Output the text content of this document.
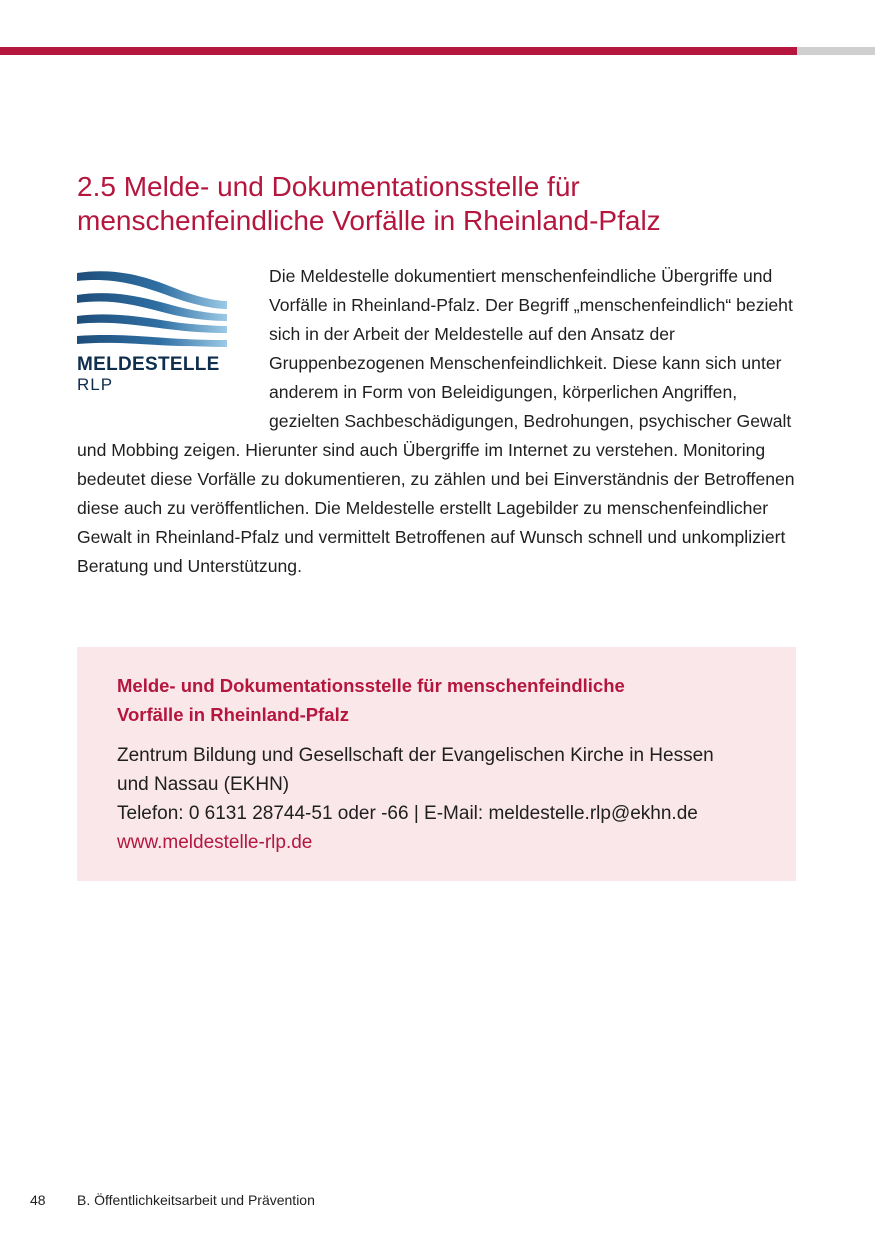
2.5 Melde- und Dokumentationsstelle für
menschenfeindliche Vorfälle in Rheinland-Pfalz
MELDESTELLE
RLP
Die Meldestelle dokumentiert menschenfeindliche Übergriffe und Vorfälle in Rheinland-Pfalz. Der Begriff „menschenfeindlich“ bezieht sich in der Arbeit der Meldestelle auf den Ansatz der Gruppenbezogenen Menschenfeindlichkeit. Diese kann sich unter anderem in Form von Beleidigungen, körperlichen Angriffen, gezielten Sachbeschädigungen, Bedrohungen, psychischer Gewalt und Mobbing zeigen. Hierunter sind auch Übergriffe im Internet zu verstehen. Monitoring bedeutet diese Vorfälle zu dokumentieren, zu zählen und bei Einverständnis der Betroffenen diese auch zu veröffentlichen. Die Meldestelle erstellt Lagebilder zu menschenfeindlicher Gewalt in Rheinland-Pfalz und vermittelt Betroffenen auf Wunsch schnell und unkompliziert Beratung und Unterstützung.
Melde- und Dokumentationsstelle für menschenfeindliche
Vorfälle in Rheinland-Pfalz
Zentrum Bildung und Gesellschaft der Evangelischen Kirche in Hessen
und Nassau (EKHN)
Telefon: 0 6131 28744-51 oder -66 | E-Mail: meldestelle.rlp@ekhn.de
www.meldestelle-rlp.de
48 B. Öffentlichkeitsarbeit und Prävention
